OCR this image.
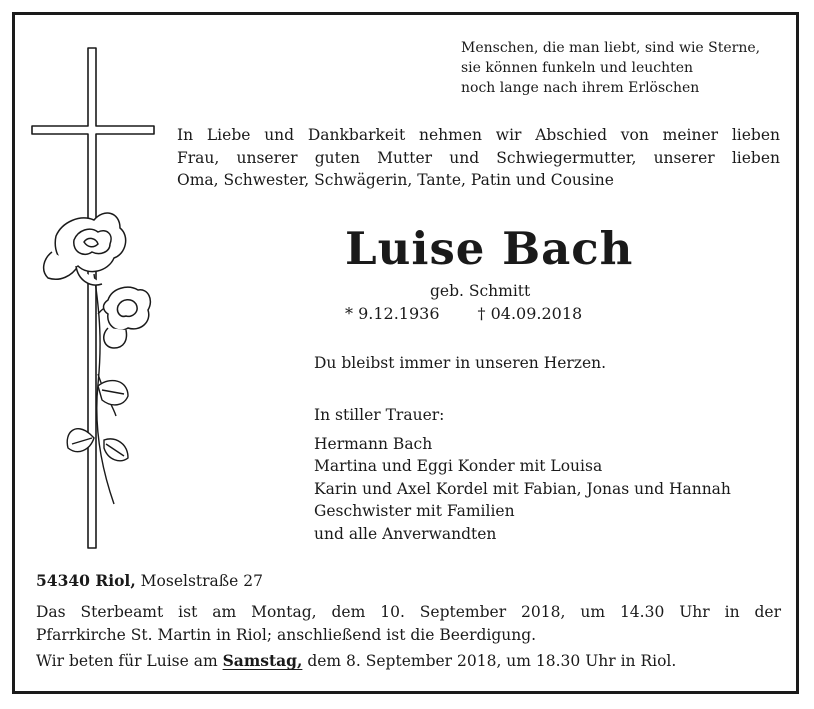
Menschen, die man liebt, sind wie Sterne,
sie können funkeln und leuchten
noch lange nach ihrem Erlöschen
In Liebe und Dankbarkeit nehmen wir Abschied von meiner lieben
Frau, unserer guten Mutter und Schwiegermutter, unserer lieben
Oma, Schwester, Schwägerin, Tante, Patin und Cousine
Luise Bach
geb. Schmitt
* 9.12.1936 † 04.09.2018
Du bleibst immer in unseren Herzen.
In stiller Trauer:
Hermann Bach
Martina und Eggi Konder mit Louisa
Karin und Axel Kordel mit Fabian, Jonas und Hannah
Geschwister mit Familien
und alle Anverwandten
54340 Riol, Moselstraße 27
Das Sterbeamt ist am Montag, dem 10. September 2018, um 14.30 Uhr in der
Pfarrkirche St. Martin in Riol; anschließend ist die Beerdigung.
Wir beten für Luise am Samstag, dem 8. September 2018, um 18.30 Uhr in Riol.
